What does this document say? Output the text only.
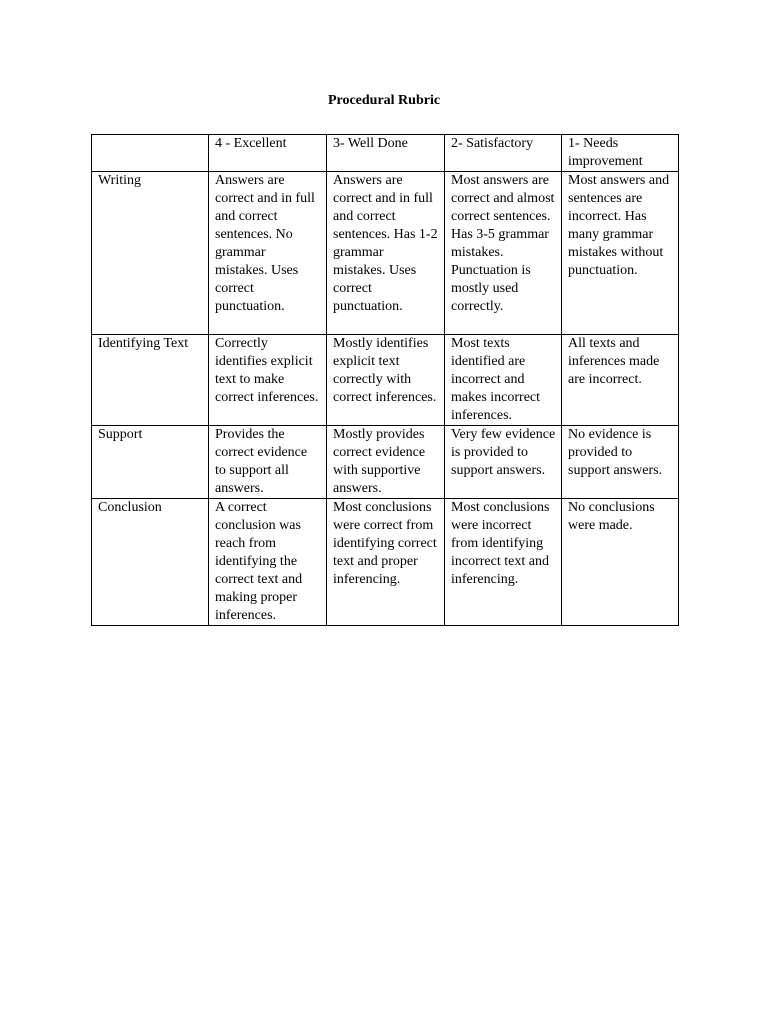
Procedural Rubric
	4 - Excellent	3- Well Done	2- Satisfactory	1- Needs improvement
Writing	Answers are correct and in full and correct sentences. No grammar mistakes. Uses correct punctuation.	Answers are correct and in full and correct sentences. Has 1-2 grammar mistakes. Uses correct punctuation.	Most answers are correct and almost correct sentences. Has 3-5 grammar mistakes. Punctuation is mostly used correctly.	Most answers and sentences are incorrect. Has many grammar mistakes without punctuation.
Identifying Text	Correctly identifies explicit text to make correct inferences.	Mostly identifies explicit text correctly with correct inferences.	Most texts identified are incorrect and makes incorrect inferences.	All texts and inferences made are incorrect.
Support	Provides the correct evidence to support all answers.	Mostly provides correct evidence with supportive answers.	Very few evidence is provided to support answers.	No evidence is provided to support answers.
Conclusion	A correct conclusion was reach from identifying the correct text and making proper inferences.	Most conclusions were correct from identifying correct text and proper inferencing.	Most conclusions were incorrect from identifying incorrect text and inferencing.	No conclusions were made.
